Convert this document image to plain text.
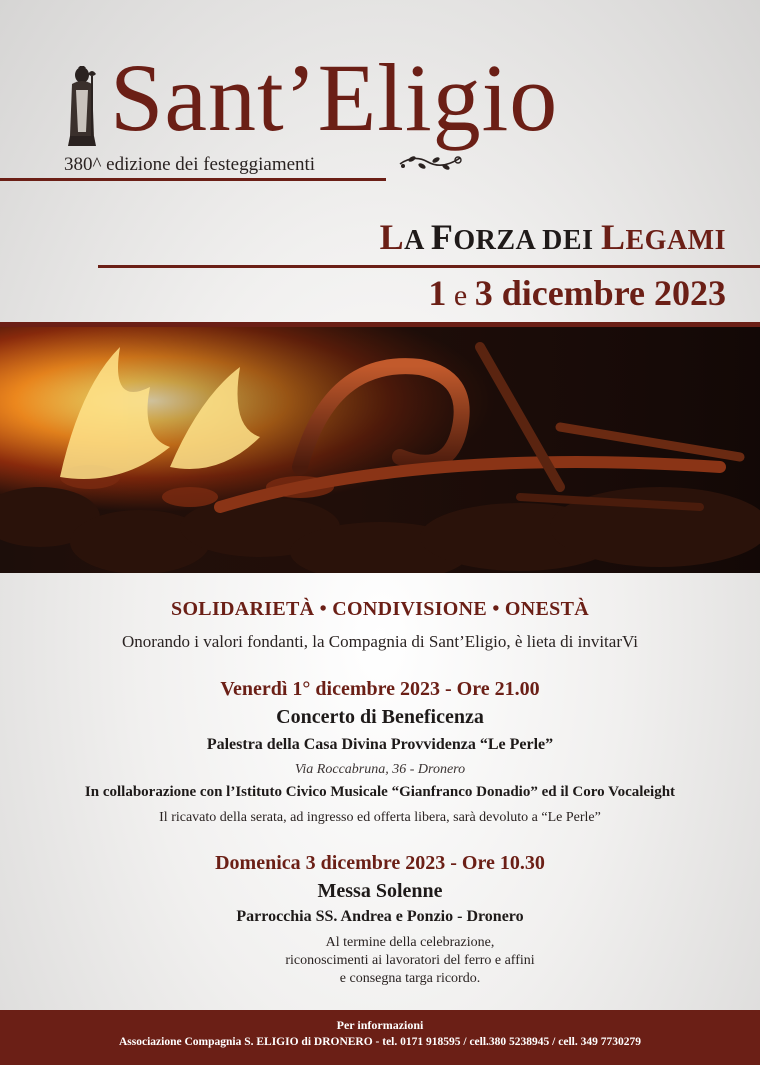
Sant’Eligio
380^ edizione dei festeggiamenti
LA FORZA DEI LEGAMI
1 e 3 dicembre 2023
SOLIDARIETÀ • CONDIVISIONE • ONESTÀ
Onorando i valori fondanti, la Compagnia di Sant’Eligio, è lieta di invitarVi
Venerdì 1° dicembre 2023 - Ore 21.00
Concerto di Beneficenza
Palestra della Casa Divina Provvidenza “Le Perle”
Via Roccabruna, 36 - Dronero
In collaborazione con l’Istituto Civico Musicale “Gianfranco Donadio” ed il Coro Vocaleight
Il ricavato della serata, ad ingresso ed offerta libera, sarà devoluto a “Le Perle”
Domenica 3 dicembre 2023 - Ore 10.30
Messa Solenne
Parrocchia SS. Andrea e Ponzio - Dronero
Al termine della celebrazione,
riconoscimenti ai lavoratori del ferro e affini
e consegna targa ricordo.
Per informazioni
Associazione Compagnia S. ELIGIO di DRONERO - tel. 0171 918595 / cell.380 5238945 / cell. 349 7730279
